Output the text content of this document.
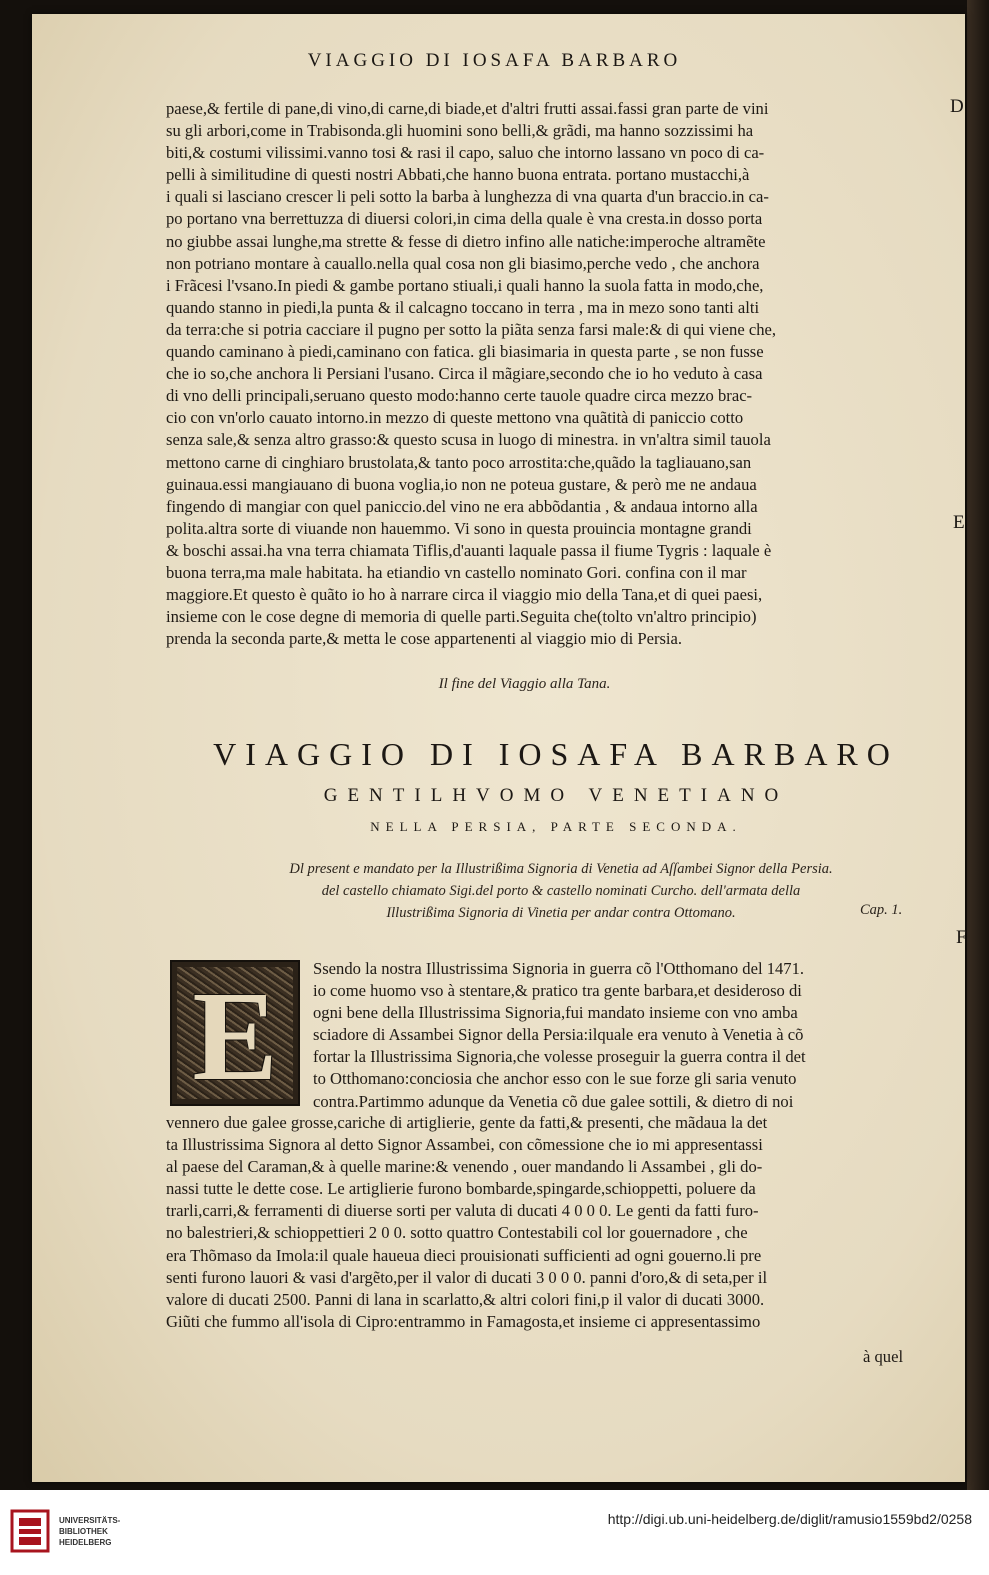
VIAGGIO DI IOSAFA BARBARO
paese,& fertile di pane,di vino,di carne,di biade,et d'altri frutti assai.fassi gran parte de vini
su gli arbori,come in Trabisonda.gli huomini sono belli,& grãdi, ma hanno sozzissimi ha
biti,& costumi vilissimi.vanno tosi & rasi il capo, saluo che intorno lassano vn poco di ca-
pelli à similitudine di questi nostri Abbati,che hanno buona entrata. portano mustacchi,à
i quali si lasciano crescer li peli sotto la barba à lunghezza di vna quarta d'un braccio.in ca-
po portano vna berrettuzza di diuersi colori,in cima della quale è vna cresta.in dosso porta
no giubbe assai lunghe,ma strette & fesse di dietro infino alle natiche:imperoche altramẽte
non potriano montare à cauallo.nella qual cosa non gli biasimo,perche vedo , che anchora
i Frãcesi l'vsano.In piedi & gambe portano stiuali,i quali hanno la suola fatta in modo,che,
quando stanno in piedi,la punta & il calcagno toccano in terra , ma in mezo sono tanti alti
da terra:che si potria cacciare il pugno per sotto la piãta senza farsi male:& di qui viene che,
quando caminano à piedi,caminano con fatica. gli biasimaria in questa parte , se non fusse
che io so,che anchora li Persiani l'usano. Circa il mãgiare,secondo che io ho veduto à casa
di vno delli principali,seruano questo modo:hanno certe tauole quadre circa mezzo brac-
cio con vn'orlo cauato intorno.in mezzo di queste mettono vna quãtità di paniccio cotto
senza sale,& senza altro grasso:& questo scusa in luogo di minestra. in vn'altra simil tauola
mettono carne di cinghiaro brustolata,& tanto poco arrostita:che,quãdo la tagliauano,san
guinaua.essi mangiauano di buona voglia,io non ne poteua gustare, & però me ne andaua
fingendo di mangiar con quel paniccio.del vino ne era abbõdantia , & andaua intorno alla
polita.altra sorte di viuande non hauemmo. Vi sono in questa prouincia montagne grandi
& boschi assai.ha vna terra chiamata Tiflis,d'auanti laquale passa il fiume Tygris : laquale è
buona terra,ma male habitata. ha etiandio vn castello nominato Gori. confina con il mar
maggiore.Et questo è quãto io ho à narrare circa il viaggio mio della Tana,et di quei paesi,
insieme con le cose degne di memoria di quelle parti.Seguita che(tolto vn'altro principio)
prenda la seconda parte,& metta le cose appartenenti al viaggio mio di Persia.
Il fine del Viaggio alla Tana.
VIAGGIO DI IOSAFA BARBARO
GENTILHVOMO VENETIANO
NELLA PERSIA, PARTE SECONDA.
Dl present e mandato per la Illustrißima Signoria di Venetia ad Aſſambei Signor della Persia.
del castello chiamato Sigi.del porto & castello nominati Curcho. dell'armata della
Illustrißima Signoria di Vinetia per andar contra Ottomano.	Cap. 1.
E	Ssendo la nostra Illustrissima Signoria in guerra cõ l'Otthomano del 1471.
io come huomo vso à stentare,& pratico tra gente barbara,et desideroso di
ogni bene della Illustrissima Signoria,fui mandato insieme con vno amba
sciadore di Assambei Signor della Persia:ilquale era venuto à Venetia à cõ
fortar la Illustrissima Signoria,che volesse proseguir la guerra contra il det
to Otthomano:conciosia che anchor esso con le sue forze gli saria venuto
contra.Partimmo adunque da Venetia cõ due galee sottili, & dietro di noi
vennero due galee grosse,cariche di artiglierie, gente da fatti,& presenti, che mãdaua la det
ta Illustrissima Signora al detto Signor Assambei, con cõmessione che io mi appresentassi
al paese del Caraman,& à quelle marine:& venendo , ouer mandando li Assambei , gli do-
nassi tutte le dette cose. Le artiglierie furono bombarde,spingarde,schioppetti, poluere da
trarli,carri,& ferramenti di diuerse sorti per valuta di ducati 4 0 0 0. Le genti da fatti furo-
no balestrieri,& schioppettieri 2 0 0. sotto quattro Contestabili col lor gouernadore , che
era Thõmaso da Imola:il quale haueua dieci prouisionati sufficienti ad ogni gouerno.li pre
senti furono lauori & vasi d'argẽto,per il valor di ducati 3 0 0 0. panni d'oro,& di seta,per il
valore di ducati 2500. Panni di lana in scarlatto,& altri colori fini,p il valor di ducati 3000.
Giũti che fummo all'isola di Cipro:entrammo in Famagosta,et insieme ci appresentassimo
à quel
D
E
F
UNIVERSITÄTS-
BIBLIOTHEK
HEIDELBERG
http://digi.ub.uni-heidelberg.de/diglit/ramusio1559bd2/0258
